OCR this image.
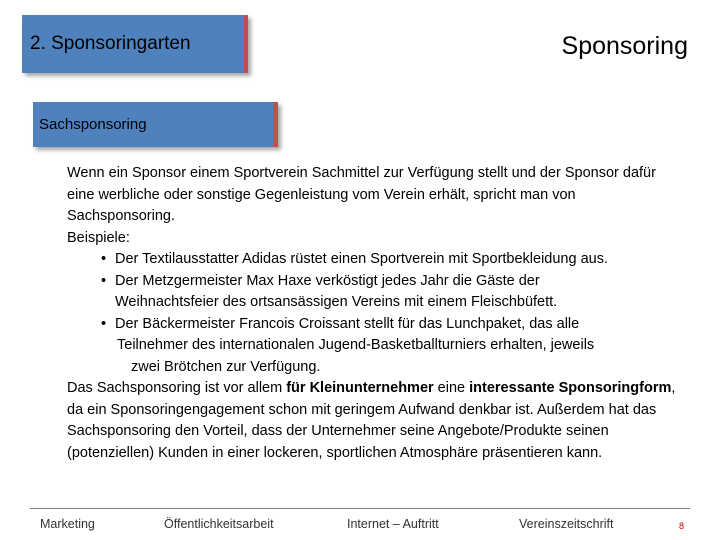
2. Sponsoringarten	Sponsoring
Sachsponsoring

Wenn ein Sponsor einem Sportverein Sachmittel zur Verfügung stellt und der Sponsor dafür eine werbliche oder sonstige Gegenleistung vom Verein erhält, spricht man von Sachsponsoring.

Beispiele:

• Der Textilausstatter Adidas rüstet einen Sportverein mit Sportbekleidung aus.

• Der Metzgermeister Max Haxe verköstigt jedes Jahr die Gäste der
Weihnachtsfeier des ortsansässigen Vereins mit einem Fleischbüfett.

• Der Bäckermeister Francois Croissant stellt für das Lunchpaket, das alle
Teilnehmer des internationalen Jugend-Basketballturniers erhalten, jeweils
zwei Brötchen zur Verfügung.

Das Sachsponsoring ist vor allem für Kleinunternehmer eine interessante Sponsoringform, da ein Sponsoringengagement schon mit geringem Aufwand denkbar ist. Außerdem hat das Sachsponsoring den Vorteil, dass der Unternehmer seine Angebote/Produkte seinen (potenziellen) Kunden in einer lockeren, sportlichen Atmosphäre präsentieren kann.

Marketing	Öffentlichkeitsarbeit	Internet – Auftritt	Vereinszeitschrift	8
